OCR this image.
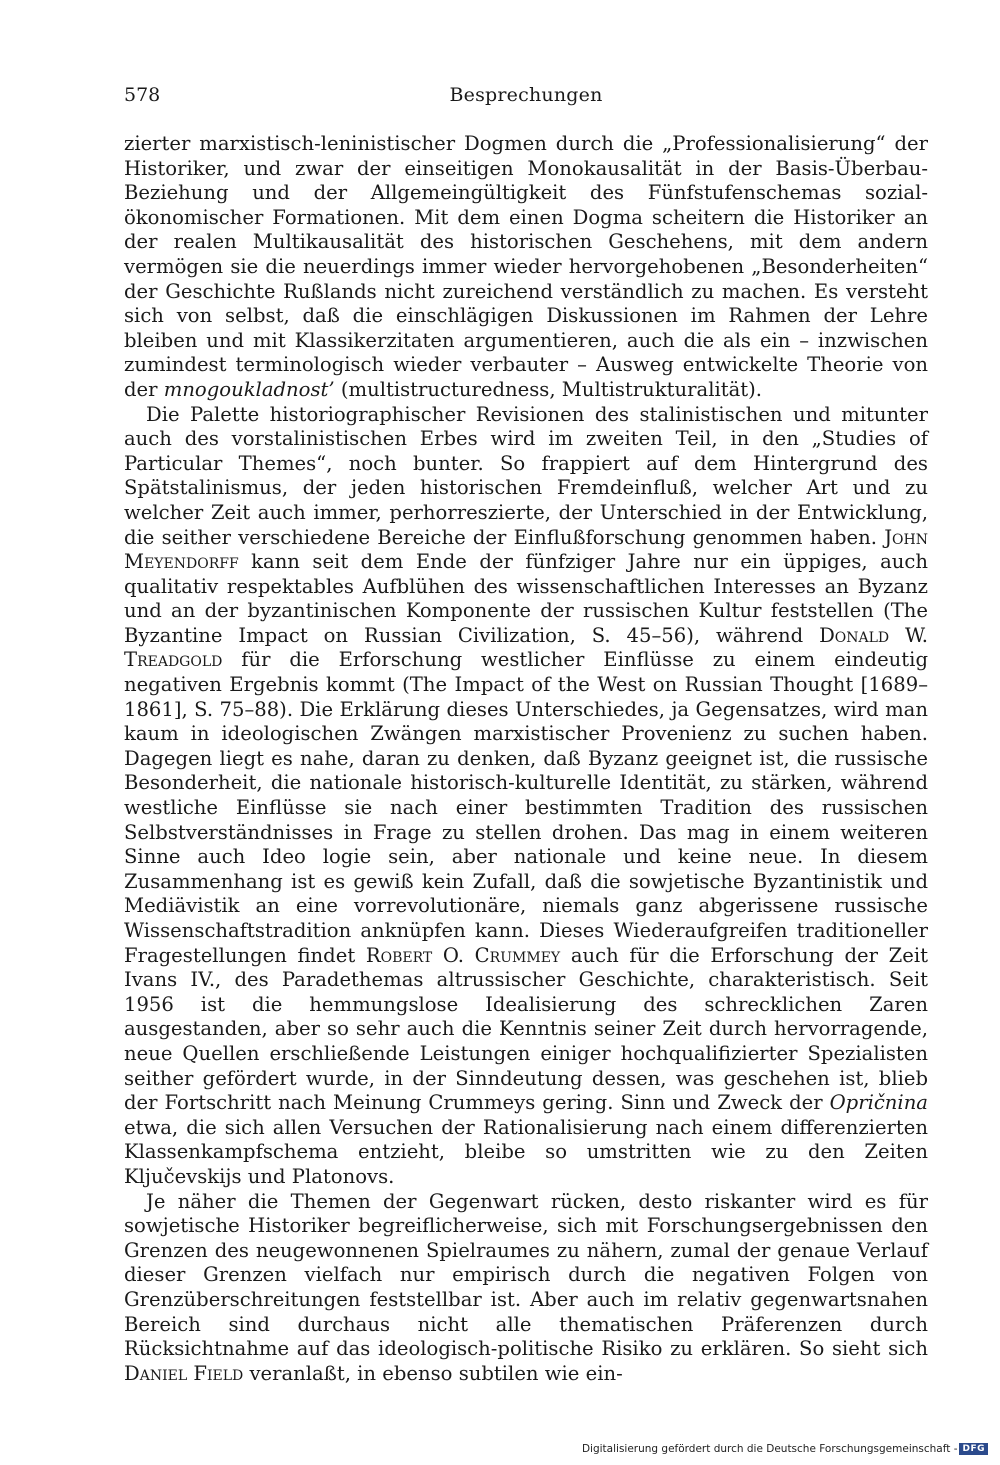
578	Besprechungen

zierter marxistisch-leninistischer Dogmen durch die „Professionalisierung“ der Historiker, und zwar der einseitigen Monokausalität in der Basis-Überbau-Beziehung und der Allgemeingültigkeit des Fünfstufenschemas sozial-ökonomischer Formationen. Mit dem einen Dogma scheitern die Historiker an der realen Multikausalität des historischen Geschehens, mit dem andern vermögen sie die neuerdings immer wieder hervorgehobenen „Besonderheiten“ der Geschichte Rußlands nicht zureichend verständlich zu machen. Es versteht sich von selbst, daß die einschlägigen Diskussionen im Rahmen der Lehre bleiben und mit Klassikerzitaten argumentieren, auch die als ein – inzwischen zumindest terminologisch wieder verbauter – Ausweg entwickelte Theorie von der mnogoukladnost’ (multistructuredness, Multistrukturalität).

Die Palette historiographischer Revisionen des stalinistischen und mitunter auch des vorstalinistischen Erbes wird im zweiten Teil, in den „Studies of Particular Themes“, noch bunter. So frappiert auf dem Hintergrund des Spätstalinismus, der jeden historischen Fremdeinfluß, welcher Art und zu welcher Zeit auch immer, perhorreszierte, der Unterschied in der Entwicklung, die seither verschiedene Bereiche der Einflußforschung genommen haben. John Meyendorff kann seit dem Ende der fünfziger Jahre nur ein üppiges, auch qualitativ respektables Aufblühen des wissenschaftlichen Interesses an Byzanz und an der byzantinischen Komponente der russischen Kultur feststellen (The Byzantine Impact on Russian Civilization, S. 45–56), während Donald W. Treadgold für die Erforschung westlicher Einflüsse zu einem eindeutig negativen Ergebnis kommt (The Impact of the West on Russian Thought [1689–1861], S. 75–88). Die Erklärung dieses Unterschiedes, ja Gegensatzes, wird man kaum in ideologischen Zwängen marxistischer Provenienz zu suchen haben. Dagegen liegt es nahe, daran zu denken, daß Byzanz geeignet ist, die russische Besonderheit, die nationale historisch-kulturelle Identität, zu stärken, während westliche Einflüsse sie nach einer bestimmten Tradition des russischen Selbstverständnisses in Frage zu stellen drohen. Das mag in einem weiteren Sinne auch Ideo logie sein, aber nationale und keine neue. In diesem Zusammenhang ist es gewiß kein Zufall, daß die sowjetische Byzantinistik und Mediävistik an eine vorrevolutionäre, niemals ganz abgerissene russische Wissenschaftstradition anknüpfen kann. Dieses Wiederaufgreifen traditioneller Fragestellungen findet Robert O. Crummey auch für die Erforschung der Zeit Ivans IV., des Paradethemas altrussischer Geschichte, charakteristisch. Seit 1956 ist die hemmungslose Idealisierung des schrecklichen Zaren ausgestanden, aber so sehr auch die Kenntnis seiner Zeit durch hervorragende, neue Quellen erschließende Leistungen einiger hochqualifizierter Spezialisten seither gefördert wurde, in der Sinndeutung dessen, was geschehen ist, blieb der Fortschritt nach Meinung Crummeys gering. Sinn und Zweck der Opričnina etwa, die sich allen Versuchen der Rationalisierung nach einem differenzierten Klassenkampfschema entzieht, bleibe so umstritten wie zu den Zeiten Ključevskijs und Platonovs.

Je näher die Themen der Gegenwart rücken, desto riskanter wird es für sowjetische Historiker begreiflicherweise, sich mit Forschungsergebnissen den Grenzen des neugewonnenen Spielraumes zu nähern, zumal der genaue Verlauf dieser Grenzen vielfach nur empirisch durch die negativen Folgen von Grenzüberschreitungen feststellbar ist. Aber auch im relativ gegenwartsnahen Bereich sind durchaus nicht alle thematischen Präferenzen durch Rücksichtnahme auf das ideologisch-politische Risiko zu erklären. So sieht sich Daniel Field veranlaßt, in ebenso subtilen wie ein-

Digitalisierung gefördert durch die Deutsche Forschungsgemeinschaft - DFG
